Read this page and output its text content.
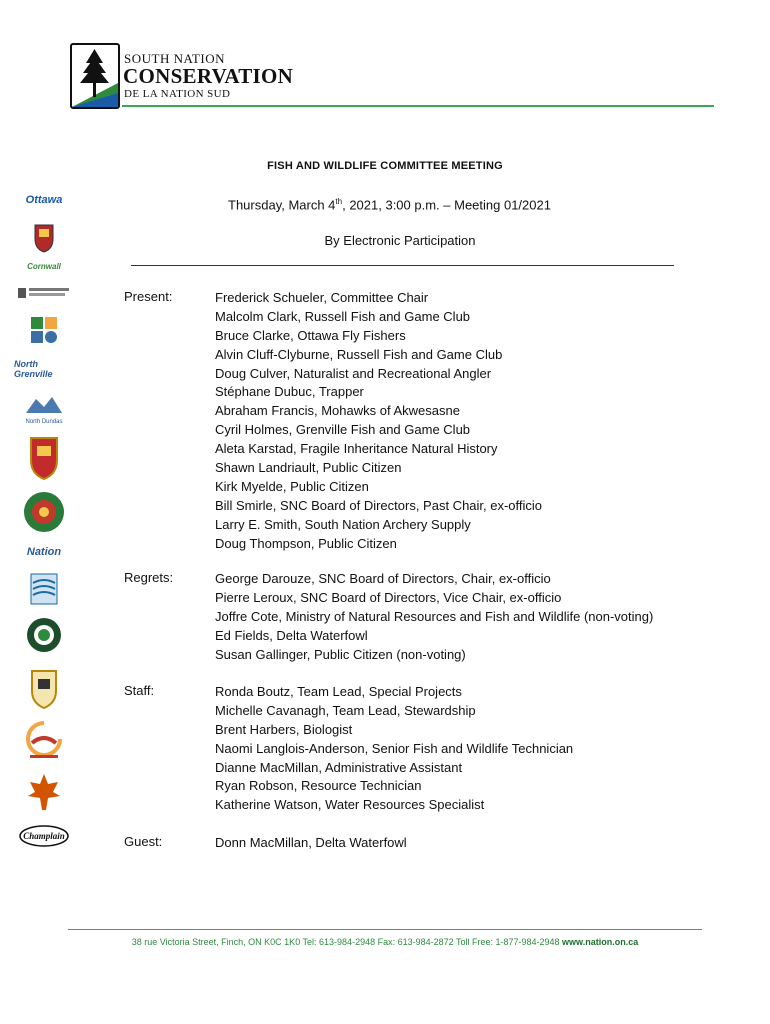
SOUTH NATION
CONSERVATION
DE LA NATION SUD
Ottawa
Cornwall
North Grenville
North Dundas
Nation
Champlain
FISH AND WILDLIFE COMMITTEE MEETING
Thursday, March 4th, 2021, 3:00 p.m. – Meeting 01/2021
By Electronic Participation
Present:	Frederick Schueler, Committee Chair
Malcolm Clark, Russell Fish and Game Club
Bruce Clarke, Ottawa Fly Fishers
Alvin Cluff-Clyburne, Russell Fish and Game Club
Doug Culver, Naturalist and Recreational Angler
Stéphane Dubuc, Trapper
Abraham Francis, Mohawks of Akwesasne
Cyril Holmes, Grenville Fish and Game Club
Aleta Karstad, Fragile Inheritance Natural History
Shawn Landriault, Public Citizen
Kirk Myelde, Public Citizen
Bill Smirle, SNC Board of Directors, Past Chair, ex-officio
Larry E. Smith, South Nation Archery Supply
Doug Thompson, Public Citizen
Regrets:	George Darouze, SNC Board of Directors, Chair, ex-officio
Pierre Leroux, SNC Board of Directors, Vice Chair, ex-officio
Joffre Cote, Ministry of Natural Resources and Fish and Wildlife (non-voting)
Ed Fields, Delta Waterfowl
Susan Gallinger, Public Citizen (non-voting)
Staff:	Ronda Boutz, Team Lead, Special Projects
Michelle Cavanagh, Team Lead, Stewardship
Brent Harbers, Biologist
Naomi Langlois-Anderson, Senior Fish and Wildlife Technician
Dianne MacMillan, Administrative Assistant
Ryan Robson, Resource Technician
Katherine Watson, Water Resources Specialist
Guest:	Donn MacMillan, Delta Waterfowl
38 rue Victoria Street, Finch, ON K0C 1K0 Tel: 613-984-2948 Fax: 613-984-2872 Toll Free: 1-877-984-2948 www.nation.on.ca
